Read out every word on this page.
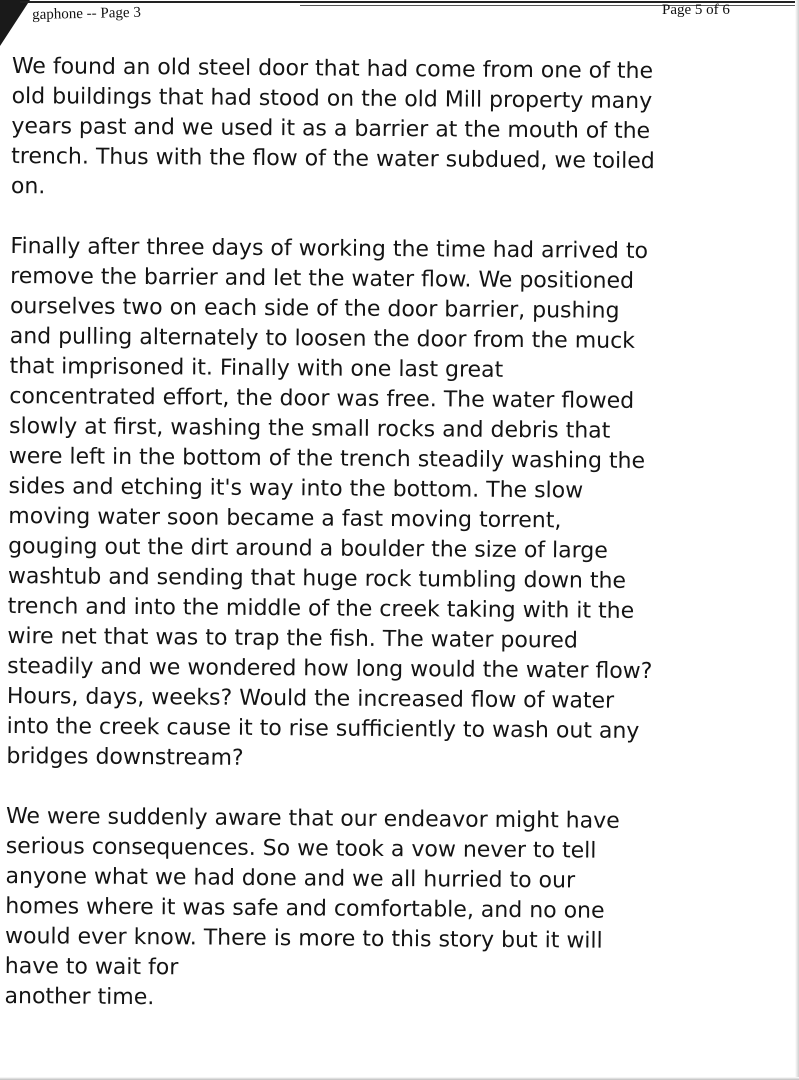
gaphone -- Page 3	Page 5 of 6

We found an old steel door that had come from one of the
old buildings that had stood on the old Mill property many
years past and we used it as a barrier at the mouth of the
trench. Thus with the flow of the water subdued, we toiled
on.

Finally after three days of working the time had arrived to
remove the barrier and let the water flow. We positioned
ourselves two on each side of the door barrier, pushing
and pulling alternately to loosen the door from the muck
that imprisoned it. Finally with one last great
concentrated effort, the door was free. The water flowed
slowly at first, washing the small rocks and debris that
were left in the bottom of the trench steadily washing the
sides and etching it's way into the bottom. The slow
moving water soon became a fast moving torrent,
gouging out the dirt around a boulder the size of large
washtub and sending that huge rock tumbling down the
trench and into the middle of the creek taking with it the
wire net that was to trap the fish. The water poured
steadily and we wondered how long would the water flow?
Hours, days, weeks? Would the increased flow of water
into the creek cause it to rise sufficiently to wash out any
bridges downstream?

We were suddenly aware that our endeavor might have
serious consequences. So we took a vow never to tell
anyone what we had done and we all hurried to our
homes where it was safe and comfortable, and no one
would ever know. There is more to this story but it will
have to wait for
another time.
